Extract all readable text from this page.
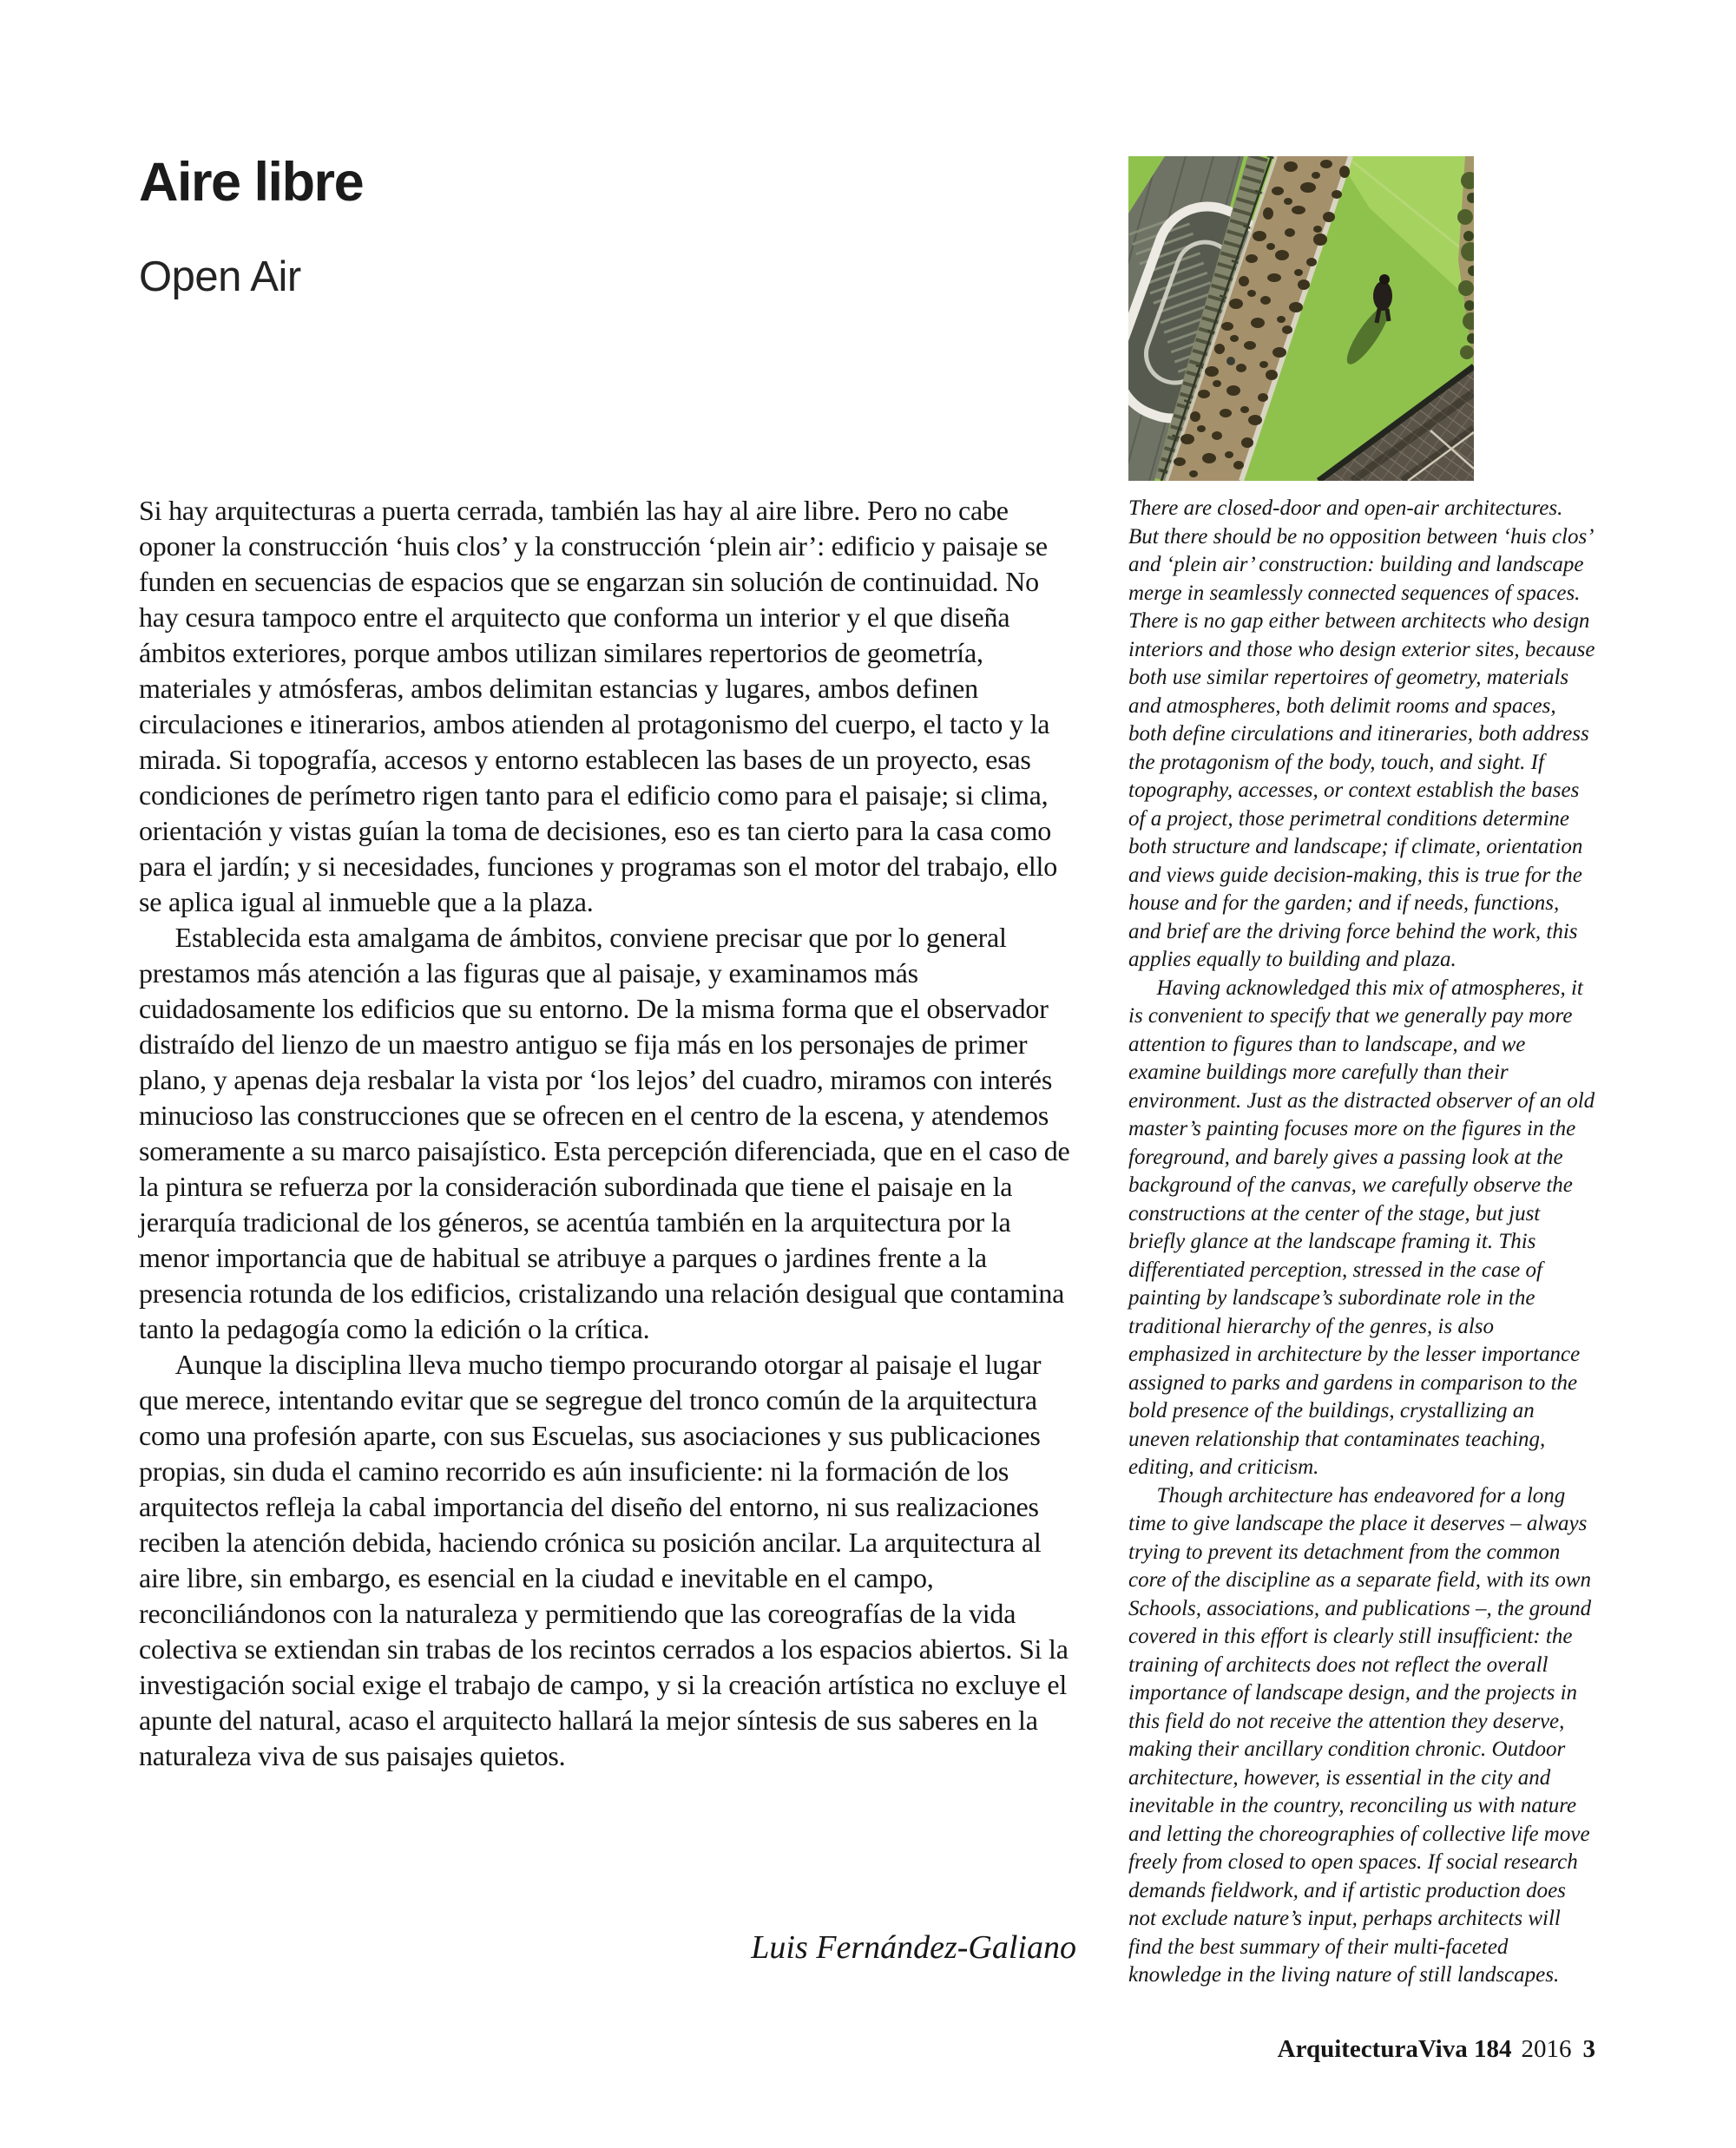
Aire libre
Open Air

Si hay arquitecturas a puerta cerrada, también las hay al aire libre. Pero no cabe oponer la construcción ‘huis clos’ y la construcción ‘plein air’: edificio y paisaje se funden en secuencias de espacios que se engarzan sin solución de continuidad. No hay cesura tampoco entre el arquitecto que conforma un interior y el que diseña ámbitos exteriores, porque ambos utilizan similares repertorios de geometría, materiales y atmósferas, ambos delimitan estancias y lugares, ambos definen circulaciones e itinerarios, ambos atienden al protagonismo del cuerpo, el tacto y la mirada. Si topografía, accesos y entorno establecen las bases de un proyecto, esas condiciones de perímetro rigen tanto para el edificio como para el paisaje; si clima, orientación y vistas guían la toma de decisiones, eso es tan cierto para la casa como para el jardín; y si necesidades, funciones y programas son el motor del trabajo, ello se aplica igual al inmueble que a la plaza.

Establecida esta amalgama de ámbitos, conviene precisar que por lo general prestamos más atención a las figuras que al paisaje, y examinamos más cuidadosamente los edificios que su entorno. De la misma forma que el observador distraído del lienzo de un maestro antiguo se fija más en los personajes de primer plano, y apenas deja resbalar la vista por ‘los lejos’ del cuadro, miramos con interés minucioso las construcciones que se ofrecen en el centro de la escena, y atendemos someramente a su marco paisajístico. Esta percepción diferenciada, que en el caso de la pintura se refuerza por la consideración subordinada que tiene el paisaje en la jerarquía tradicional de los géneros, se acentúa también en la arquitectura por la menor importancia que de habitual se atribuye a parques o jardines frente a la presencia rotunda de los edificios, cristalizando una relación desigual que contamina tanto la pedagogía como la edición o la crítica.

Aunque la disciplina lleva mucho tiempo procurando otorgar al paisaje el lugar que merece, intentando evitar que se segregue del tronco común de la arquitectura como una profesión aparte, con sus Escuelas, sus asociaciones y sus publicaciones propias, sin duda el camino recorrido es aún insuficiente: ni la formación de los arquitectos refleja la cabal importancia del diseño del entorno, ni sus realizaciones reciben la atención debida, haciendo crónica su posición ancilar. La arquitectura al aire libre, sin embargo, es esencial en la ciudad e inevitable en el campo, reconciliándonos con la naturaleza y permitiendo que las coreografías de la vida colectiva se extiendan sin trabas de los recintos cerrados a los espacios abiertos. Si la investigación social exige el trabajo de campo, y si la creación artística no excluye el apunte del natural, acaso el arquitecto hallará la mejor síntesis de sus saberes en la naturaleza viva de sus paisajes quietos.

There are closed-door and open-air architectures. But there should be no opposition between ‘huis clos’ and ‘plein air’ construction: building and landscape merge in seamlessly connected sequences of spaces. There is no gap either between architects who design interiors and those who design exterior sites, because both use similar repertoires of geometry, materials and atmospheres, both delimit rooms and spaces, both define circulations and itineraries, both address the protagonism of the body, touch, and sight. If topography, accesses, or context establish the bases of a project, those perimetral conditions determine both structure and landscape; if climate, orientation and views guide decision-making, this is true for the house and for the garden; and if needs, functions, and brief are the driving force behind the work, this applies equally to building and plaza.

Having acknowledged this mix of atmospheres, it is convenient to specify that we generally pay more attention to figures than to landscape, and we examine buildings more carefully than their environment. Just as the distracted observer of an old master’s painting focuses more on the figures in the foreground, and barely gives a passing look at the background of the canvas, we carefully observe the constructions at the center of the stage, but just briefly glance at the landscape framing it. This differentiated perception, stressed in the case of painting by landscape’s subordinate role in the traditional hierarchy of the genres, is also emphasized in architecture by the lesser importance assigned to parks and gardens in comparison to the bold presence of the buildings, crystallizing an uneven relationship that contaminates teaching, editing, and criticism.

Though architecture has endeavored for a long time to give landscape the place it deserves – always trying to prevent its detachment from the common core of the discipline as a separate field, with its own Schools, associations, and publications –, the ground covered in this effort is clearly still insufficient: the training of architects does not reflect the overall importance of landscape design, and the projects in this field do not receive the attention they deserve, making their ancillary condition chronic. Outdoor architecture, however, is essential in the city and inevitable in the country, reconciling us with nature and letting the choreographies of collective life move freely from closed to open spaces. If social research demands fieldwork, and if artistic production does not exclude nature’s input, perhaps architects will find the best summary of their multi-faceted knowledge in the living nature of still landscapes.

Luis Fernández-Galiano

ArquitecturaViva 184 2016 3
